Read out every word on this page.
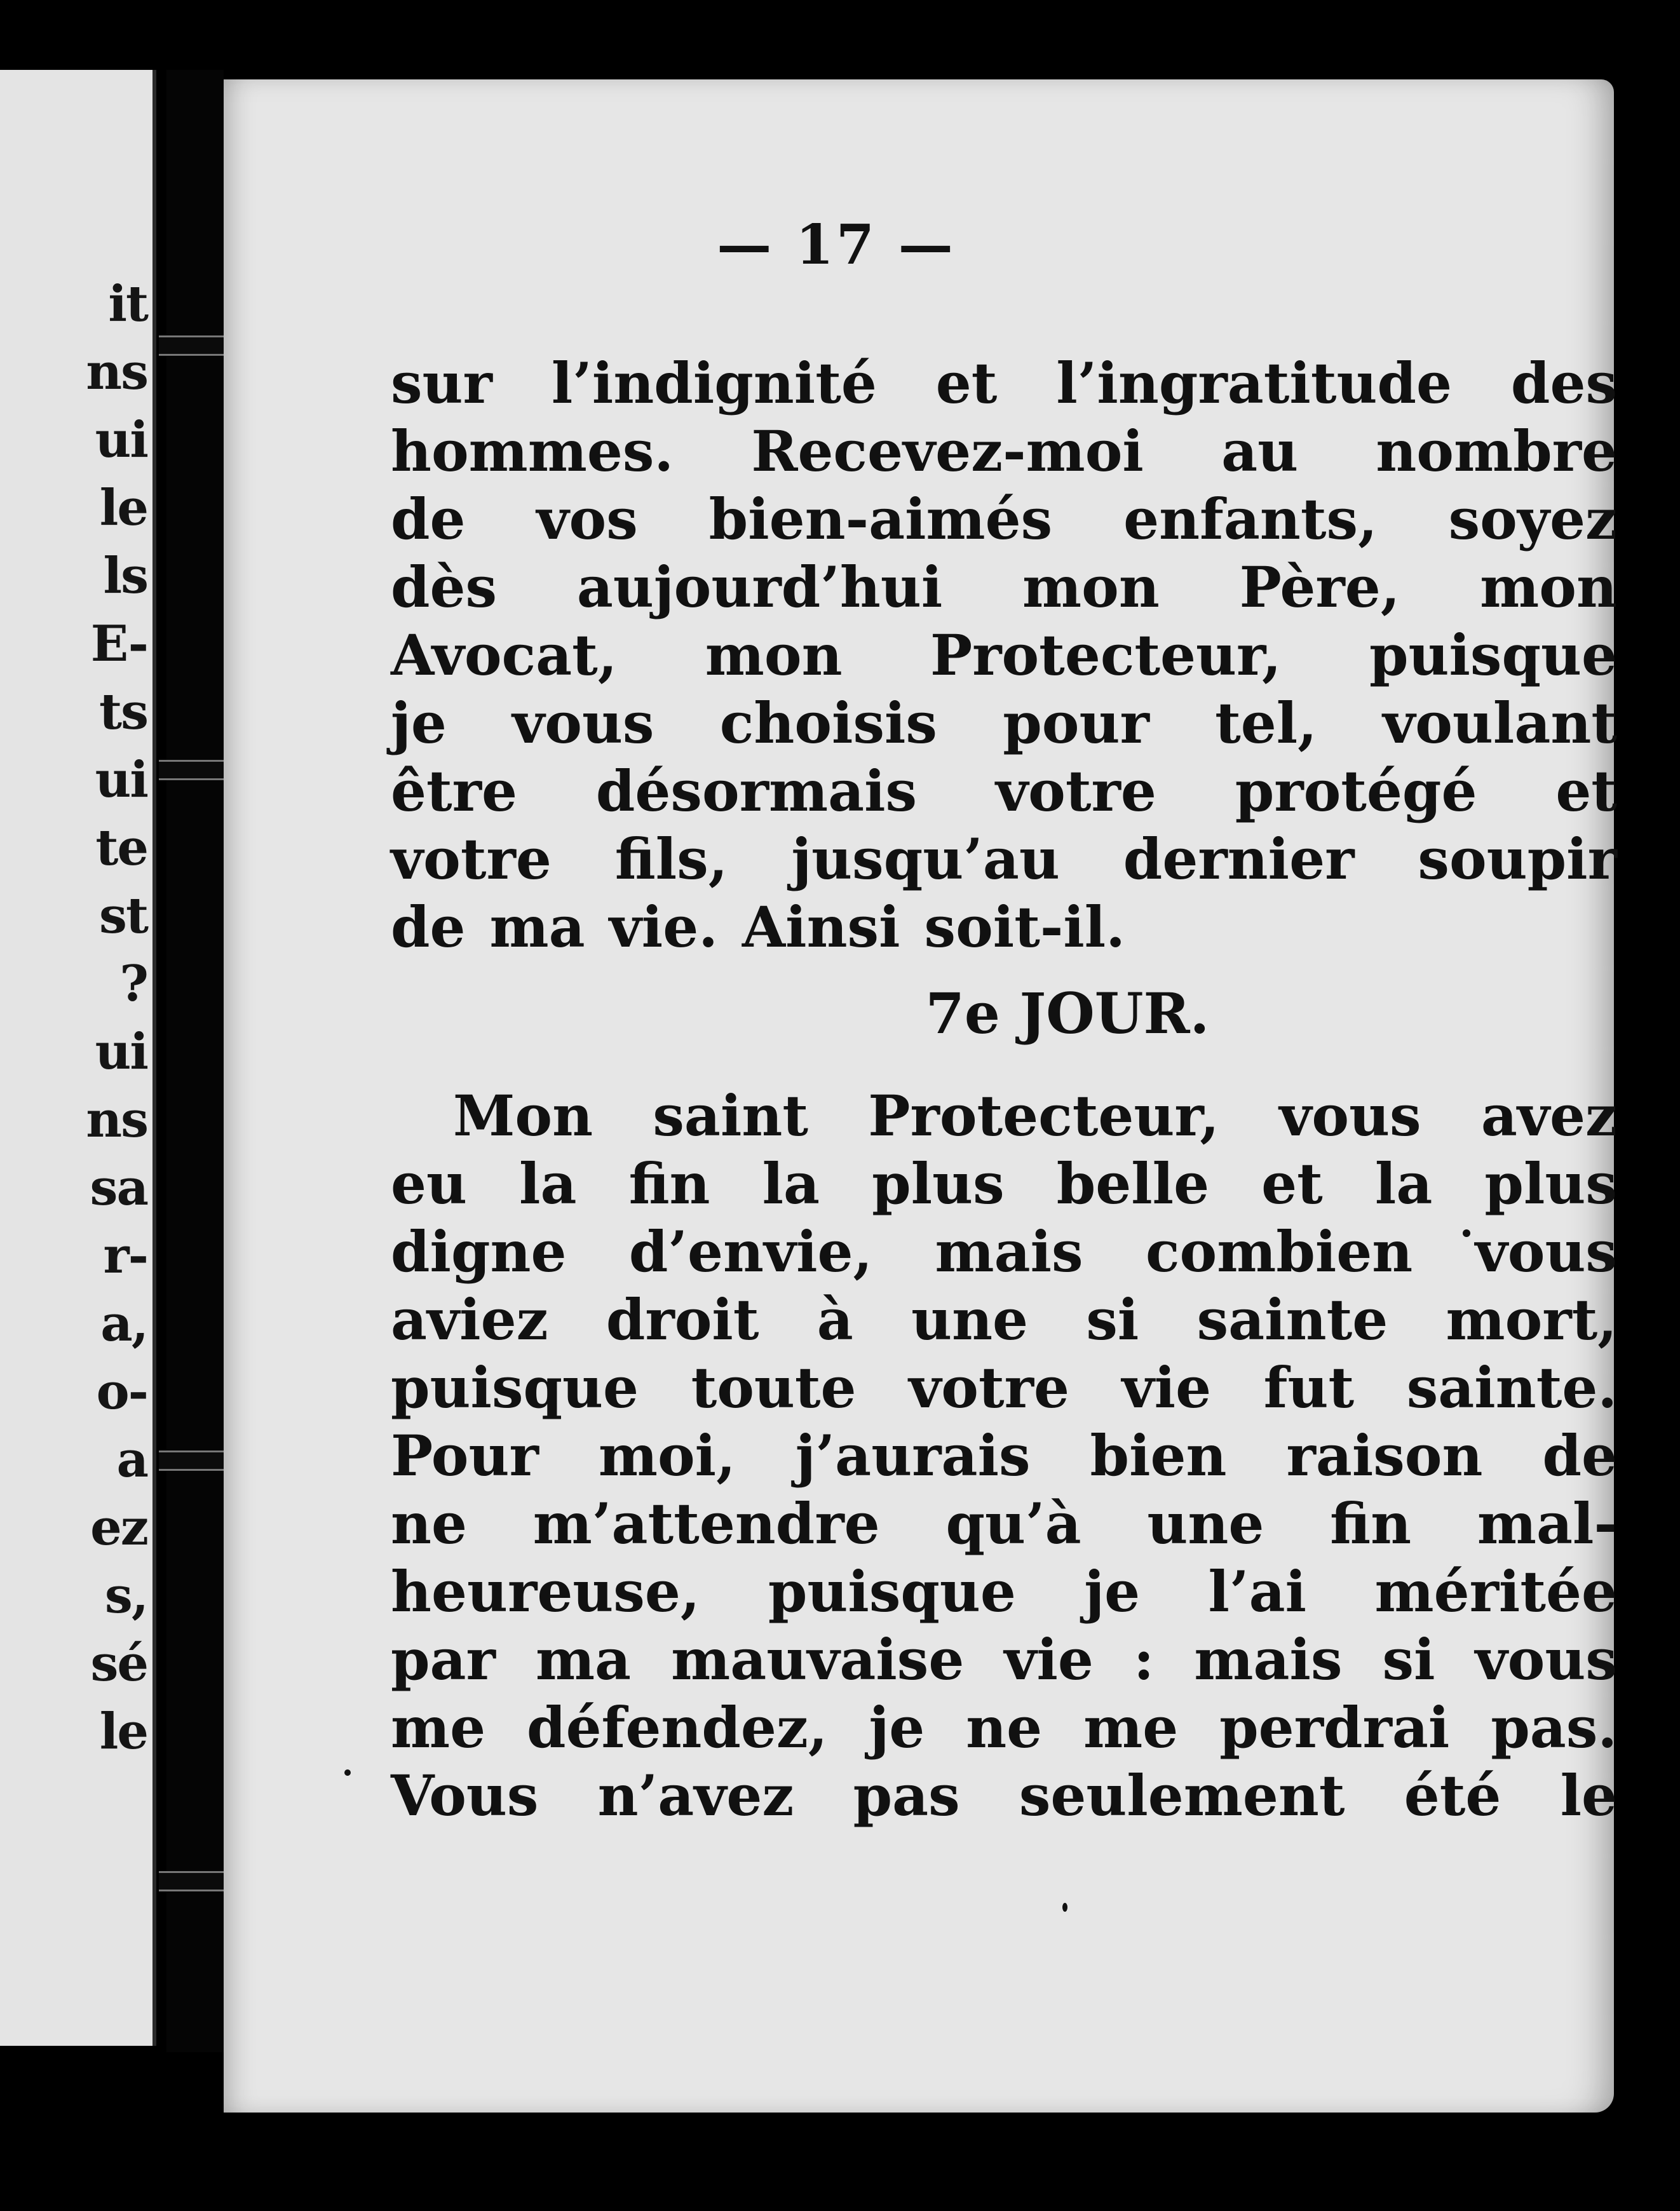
it
ns
ui
le
ls
E-
ts
ui
te
st
?
ui
ns
sa
r-
a,
o-
a
ez
s,
sé
le
— 17 —
sur l’indignité et l’ingratitude des
hommes. Recevez-moi au nombre
de vos bien-aimés enfants, soyez
dès aujourd’hui mon Père, mon
Avocat, mon Protecteur, puisque
je vous choisis pour tel, voulant
être désormais votre protégé et
votre fils, jusqu’au dernier soupir
de ma vie. Ainsi soit-il.
7e JOUR.
Mon saint Protecteur, vous avez
eu la fin la plus belle et la plus
digne d’envie, mais combien vous
aviez droit à une si sainte mort,
puisque toute votre vie fut sainte.
Pour moi, j’aurais bien raison de
ne m’attendre qu’à une fin mal-
heureuse, puisque je l’ai méritée
par ma mauvaise vie : mais si vous
me défendez, je ne me perdrai pas.
Vous n’avez pas seulement été le
